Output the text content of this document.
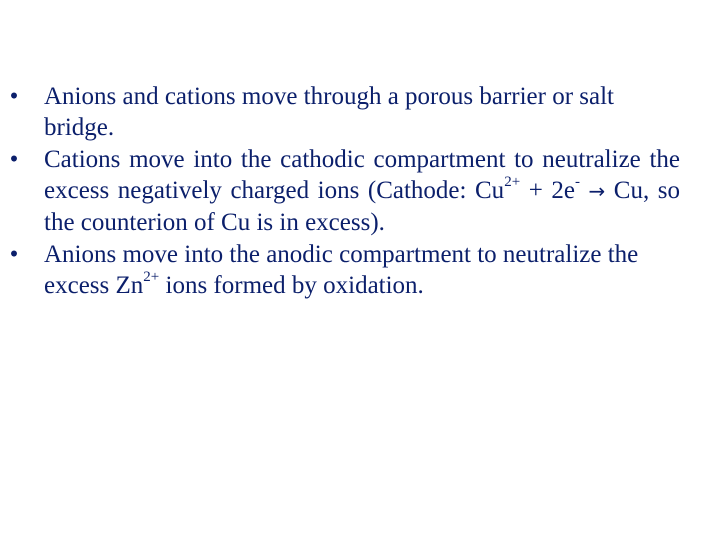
• Anions and cations move through a porous barrier or salt bridge.
• Cations move into the cathodic compartment to neutralize the excess negatively charged ions (Cathode: $Cu^{2+} + 2e^- \to Cu$, so the counterion of Cu is in excess).
• Anions move into the anodic compartment to neutralize the excess $Zn^{2+}$ ions formed by oxidation.
